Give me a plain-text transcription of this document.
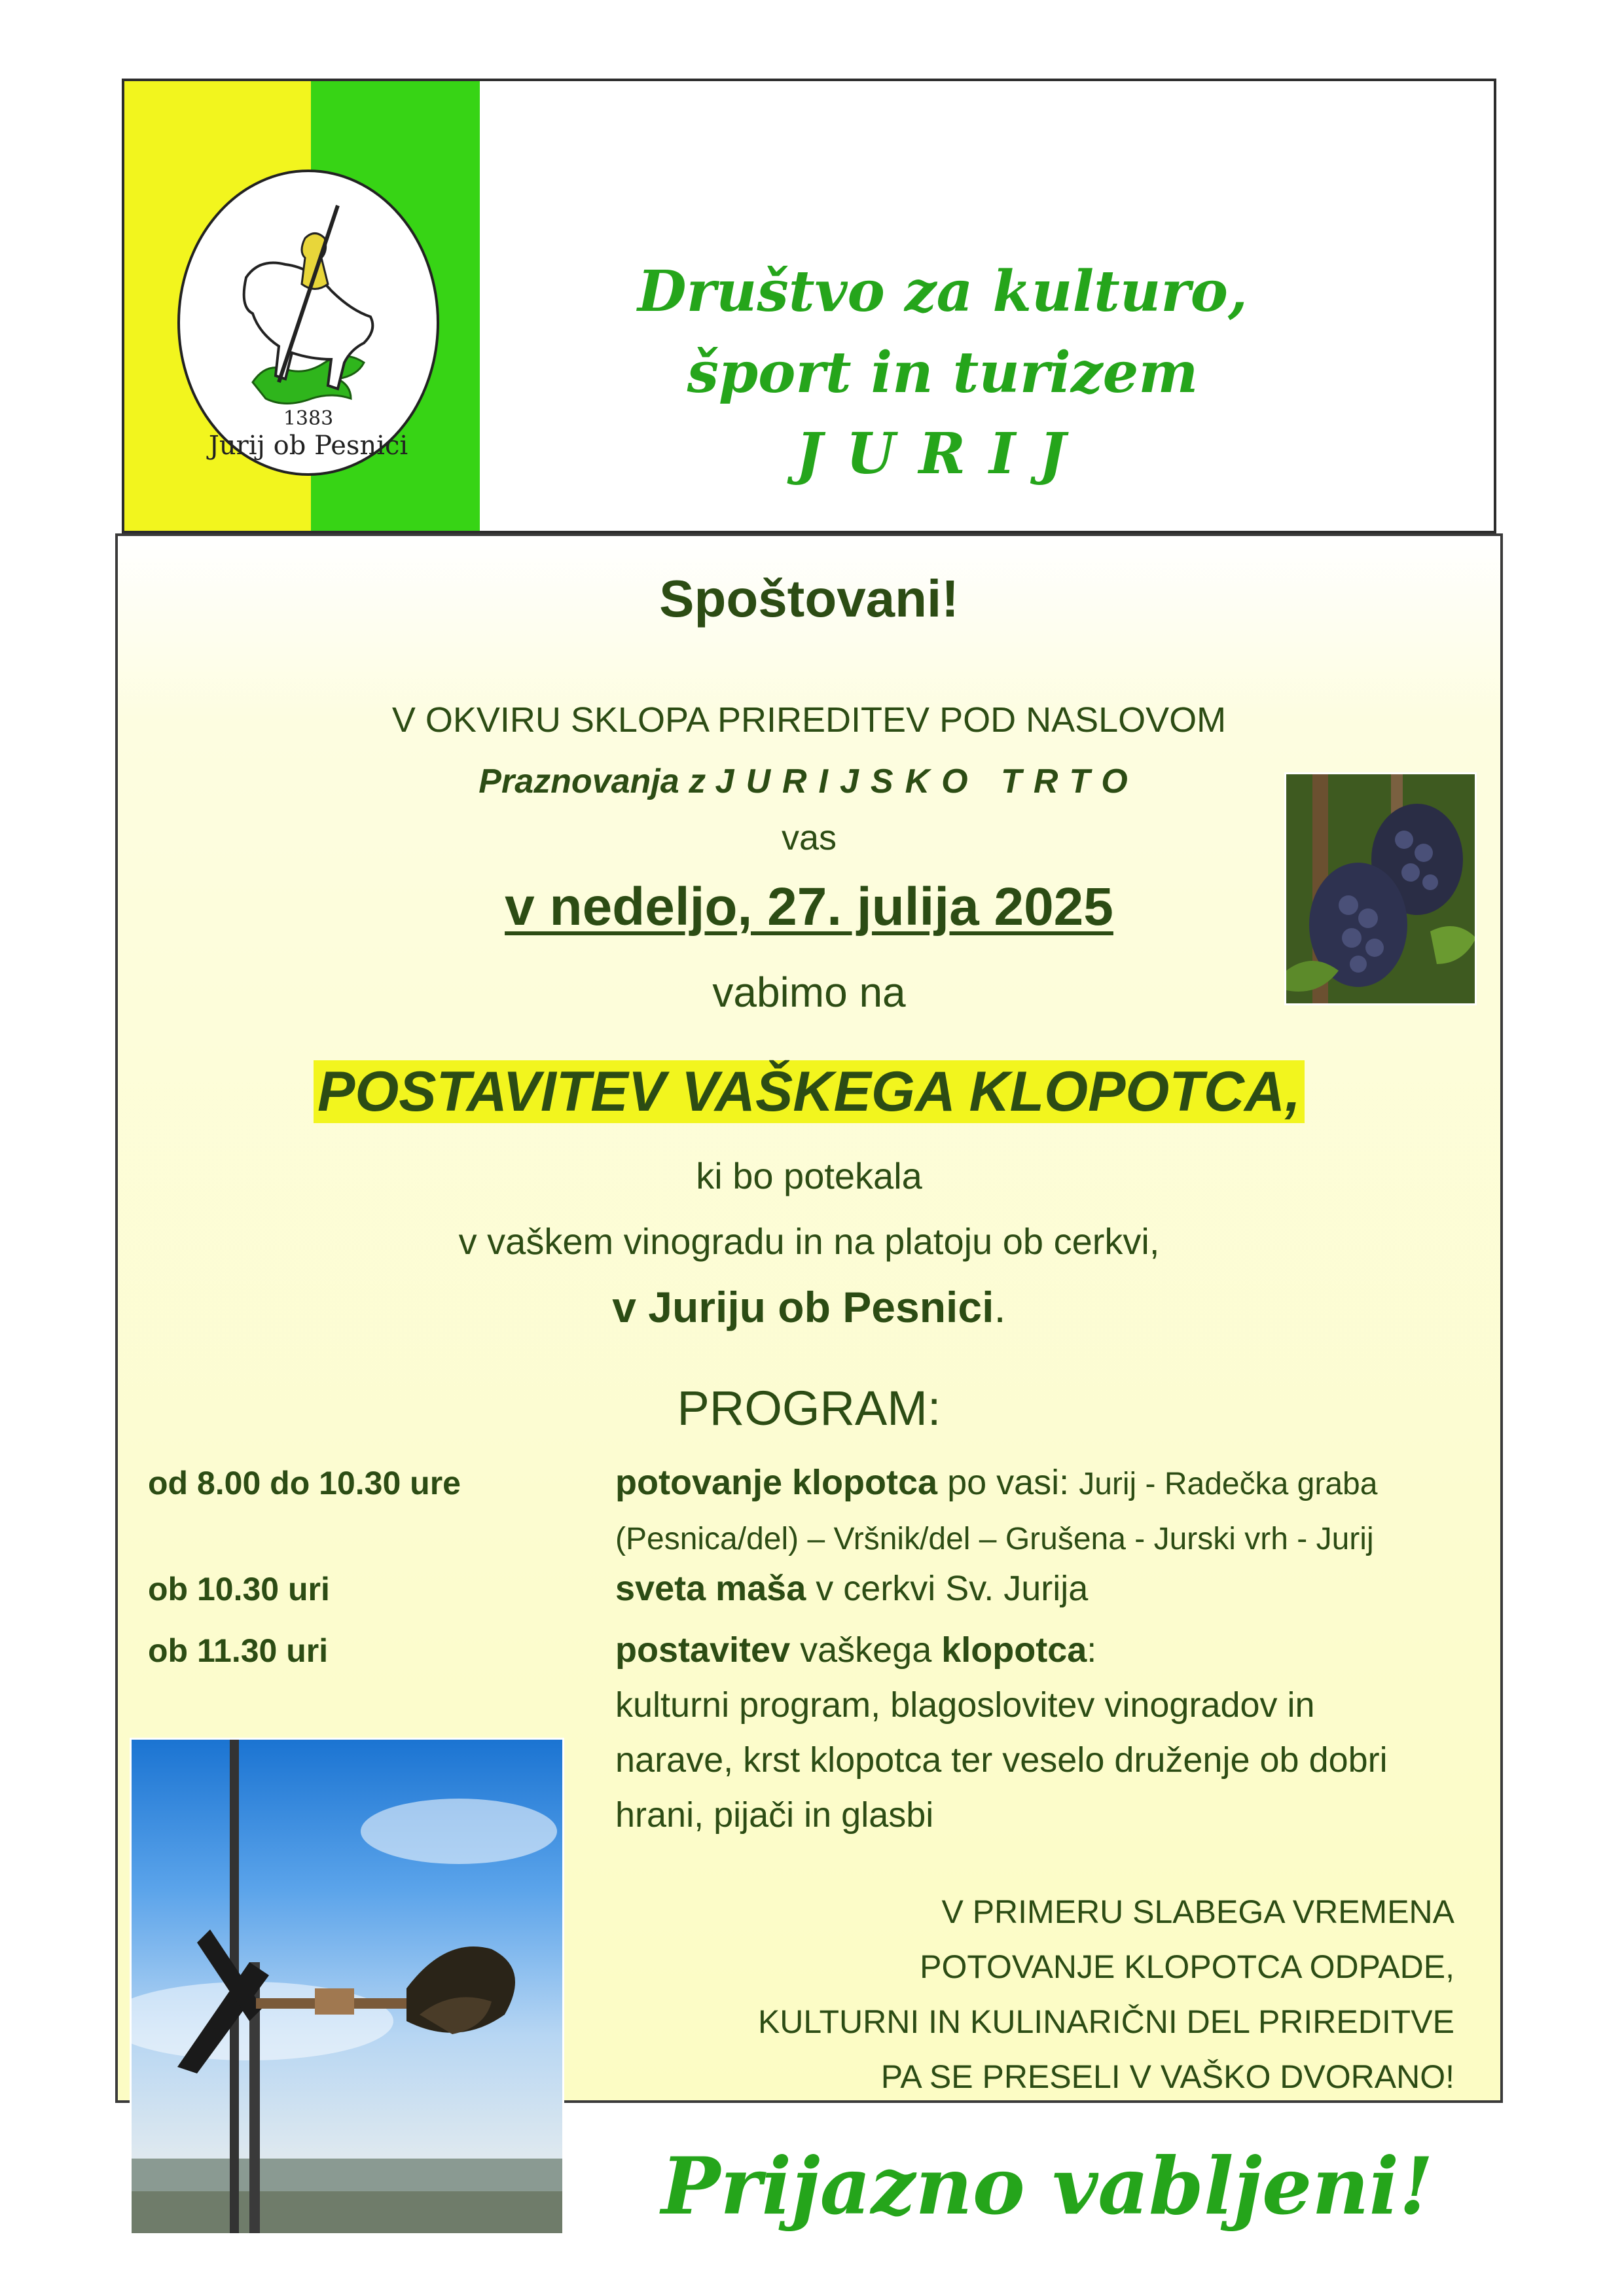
1383
Jurij ob Pesnici
Društvo za kulturo,
šport in turizem
JURIJ
Spoštovani!
V OKVIRU SKLOPA PRIREDITEV POD NASLOVOM
Praznovanja z JURIJSKO TRTO
vas
v nedeljo, 27. julija 2025
vabimo na
POSTAVITEV VAŠKEGA KLOPOTCA,
ki bo potekala
v vaškem vinogradu in na platoju ob cerkvi,
v Juriju ob Pesnici.
PROGRAM:
od 8.00 do 10.30 ure	potovanje klopotca po vasi: Jurij - Radečka graba
(Pesnica/del) – Vršnik/del – Grušena - Jurski vrh - Jurij
ob 10.30 uri	sveta maša v cerkvi Sv. Jurija
ob 11.30 uri	postavitev vaškega klopotca:
kulturni program, blagoslovitev vinogradov in
narave, krst klopotca ter veselo druženje ob dobri
hrani, pijači in glasbi
V PRIMERU SLABEGA VREMENA
POTOVANJE KLOPOTCA ODPADE,
KULTURNI IN KULINARIČNI DEL PRIREDITVE
PA SE PRESELI V VAŠKO DVORANO!
Prijazno vabljeni!
